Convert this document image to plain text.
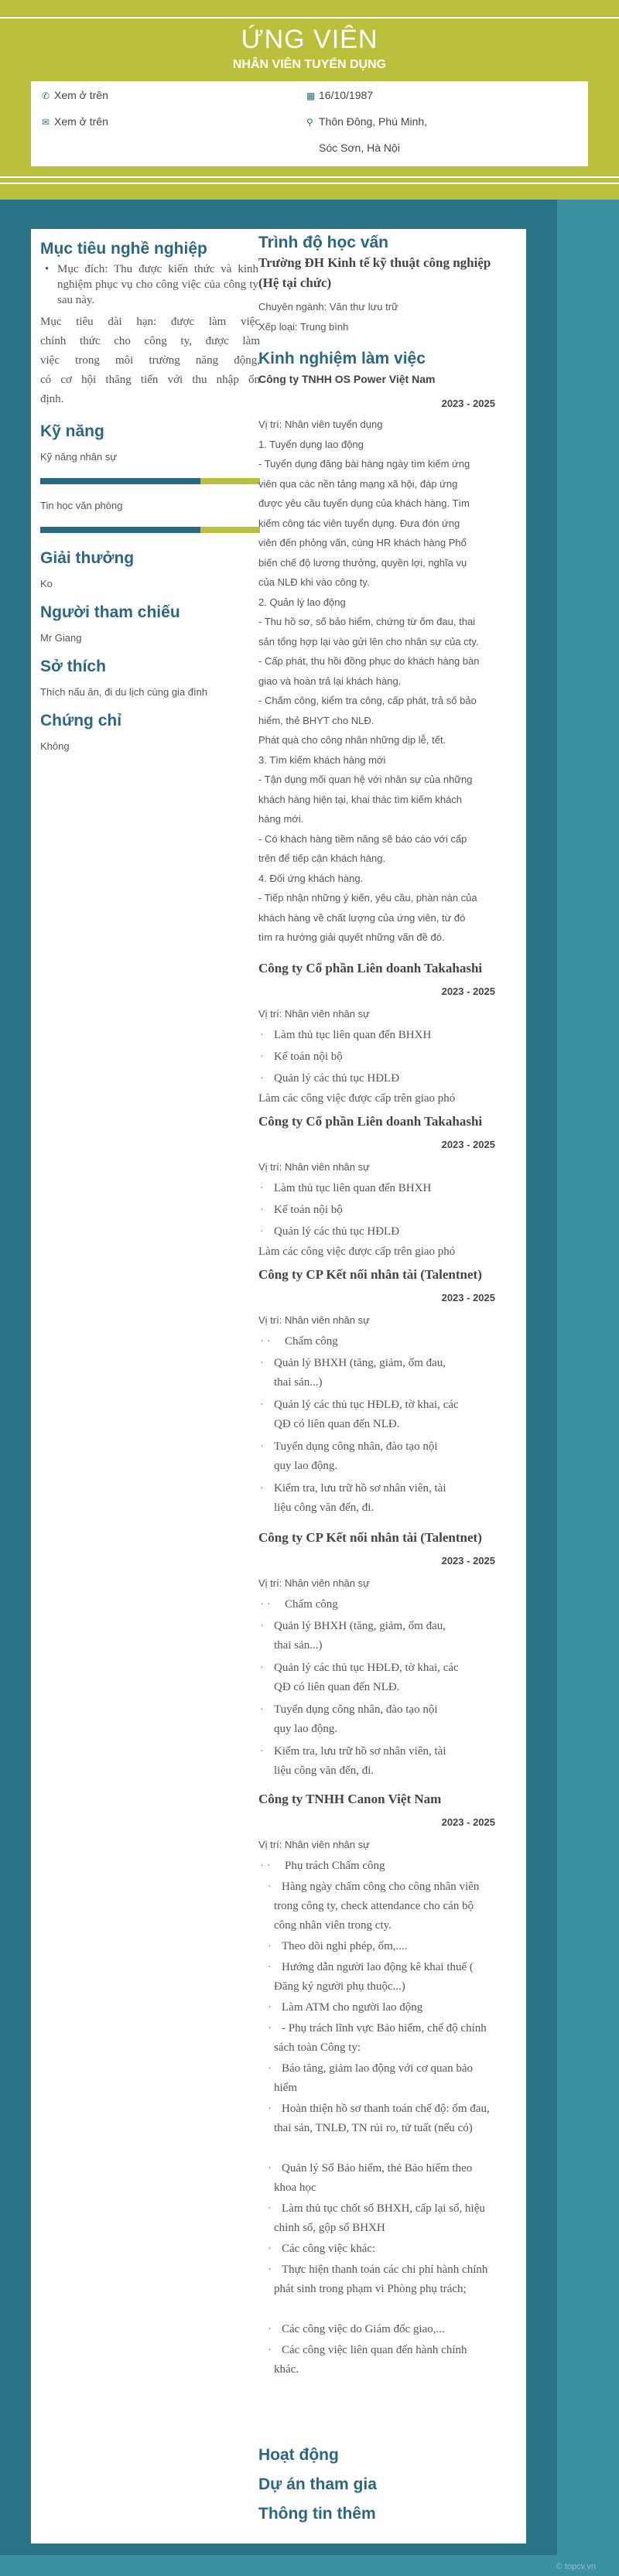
ỨNG VIÊN
NHÂN VIÊN TUYỂN DỤNG
✆ Xem ở trên
✉ Xem ở trên
▦ 16/10/1987
⚲ Thôn Đông, Phú Minh,
Sóc Sơn, Hà Nội
Mục tiêu nghề nghiệp
• Mục đích: Thu được kiến thức và kinh nghiệm phục vụ cho công việc của công ty sau này.
Mục tiêu dài hạn: được làm việc
chính thức cho công ty, được làm
việc trong môi trường năng động,
có cơ hội thăng tiến với thu nhập ổn
định.
Kỹ năng
Kỹ năng nhân sự
Tin học văn phòng
Giải thưởng
Ko
Người tham chiếu
Mr Giang
Sở thích
Thích nấu ăn, đi du lịch cùng gia đình
Chứng chỉ
Không
Trình độ học vấn
Trường ĐH Kinh tế kỹ thuật công nghiệp
(Hệ tại chức)
Chuyên ngành: Văn thư lưu trữ
Xếp loại: Trung bình
Kinh nghiệm làm việc
Công ty TNHH OS Power Việt Nam
2023 - 2025
Vị trí: Nhân viên tuyển dụng
1. Tuyển dụng lao động
- Tuyển dụng đăng bài hàng ngày tìm kiếm ứng
viên qua các nền tảng mạng xã hội, đáp ứng
được yêu cầu tuyển dụng của khách hàng. Tìm
kiếm công tác viên tuyển dụng. Đưa đón ứng
viên đến phỏng vấn, cùng HR khách hàng Phổ
biến chế độ lương thưởng, quyền lợi, nghĩa vụ
của NLĐ khi vào công ty.
2. Quản lý lao động
- Thu hồ sơ, số bảo hiểm, chứng từ ốm đau, thai
sản tổng hợp lại vào gửi lên cho nhân sự của cty.
- Cấp phát, thu hồi đồng phục do khách hàng bàn
giao và hoàn trả lại khách hàng.
- Chấm công, kiểm tra công, cấp phát, trả số bảo
hiểm, thẻ BHYT cho NLĐ.
Phát quà cho công nhân những dịp lễ, tết.
3. Tìm kiếm khách hàng mới
- Tận dụng mối quan hệ với nhân sự của những
khách hàng hiện tại, khai thác tìm kiếm khách
hàng mới.
- Có khách hàng tiềm năng sẽ báo cáo với cấp
trên để tiếp cận khách hàng.
4. Đối ứng khách hàng.
- Tiếp nhận những ý kiến, yêu cầu, phàn nàn của
khách hàng về chất lượng của ứng viên, từ đó
tìm ra hướng giải quyết những vấn đề đó.
Công ty Cổ phần Liên doanh Takahashi
2023 - 2025
Vị trí: Nhân viên nhân sự
· Làm thủ tục liên quan đến BHXH
· Kế toán nội bộ
· Quản lý các thủ tục HĐLĐ
Làm các công việc được cấp trên giao phó
Công ty Cổ phần Liên doanh Takahashi
2023 - 2025
Vị trí: Nhân viên nhân sự
· Làm thủ tục liên quan đến BHXH
· Kế toán nội bộ
· Quản lý các thủ tục HĐLĐ
Làm các công việc được cấp trên giao phó
Công ty CP Kết nối nhân tài (Talentnet)
2023 - 2025
Vị trí: Nhân viên nhân sự
· · Chấm công
· Quản lý BHXH (tăng, giảm, ốm đau,
thai sản...)
· Quản lý các thủ tục HĐLĐ, tờ khai, các
QĐ có liên quan đến NLĐ.
· Tuyển dụng công nhân, đào tạo nội
quy lao động.
· Kiểm tra, lưu trữ hồ sơ nhân viên, tài
liệu công văn đến, đi.
Công ty CP Kết nối nhân tài (Talentnet)
2023 - 2025
Vị trí: Nhân viên nhân sự
· · Chấm công
· Quản lý BHXH (tăng, giảm, ốm đau,
thai sản...)
· Quản lý các thủ tục HĐLĐ, tờ khai, các
QĐ có liên quan đến NLĐ.
· Tuyển dụng công nhân, đào tạo nội
quy lao động.
· Kiểm tra, lưu trữ hồ sơ nhân viên, tài
liệu công văn đến, đi.
Công ty TNHH Canon Việt Nam
2023 - 2025
Vị trí: Nhân viên nhân sự
· · Phụ trách Chấm công
· Hàng ngày chấm công cho công nhân viên trong công ty, check attendance cho cán bộ công nhân viên trong cty.
· Theo dõi nghỉ phép, ốm,....
· Hướng dẫn người lao động kê khai thuế ( Đăng ký người phụ thuộc...)
· Làm ATM cho người lao động
· - Phụ trách lĩnh vực Bảo hiểm, chế độ chính sách toàn Công ty:
· Báo tăng, giảm lao động với cơ quan bảo hiểm
· Hoàn thiện hồ sơ thanh toán chế độ: ốm đau, thai sản, TNLĐ, TN rủi ro, tử tuất (nếu có)
· Quản lý Sổ Bảo hiểm, thẻ Bảo hiểm theo khoa học
· Làm thủ tục chốt sổ BHXH, cấp lại sổ, hiệu chỉnh sổ, gộp sổ BHXH
· Các công việc khác:
· Thực hiện thanh toán các chi phí hành chính phát sinh trong phạm vi Phòng phụ trách;
· Các công việc do Giám đốc giao,...
· Các công việc liên quan đến hành chính khác.
Hoạt động
Dự án tham gia
Thông tin thêm
© topcv.vn
